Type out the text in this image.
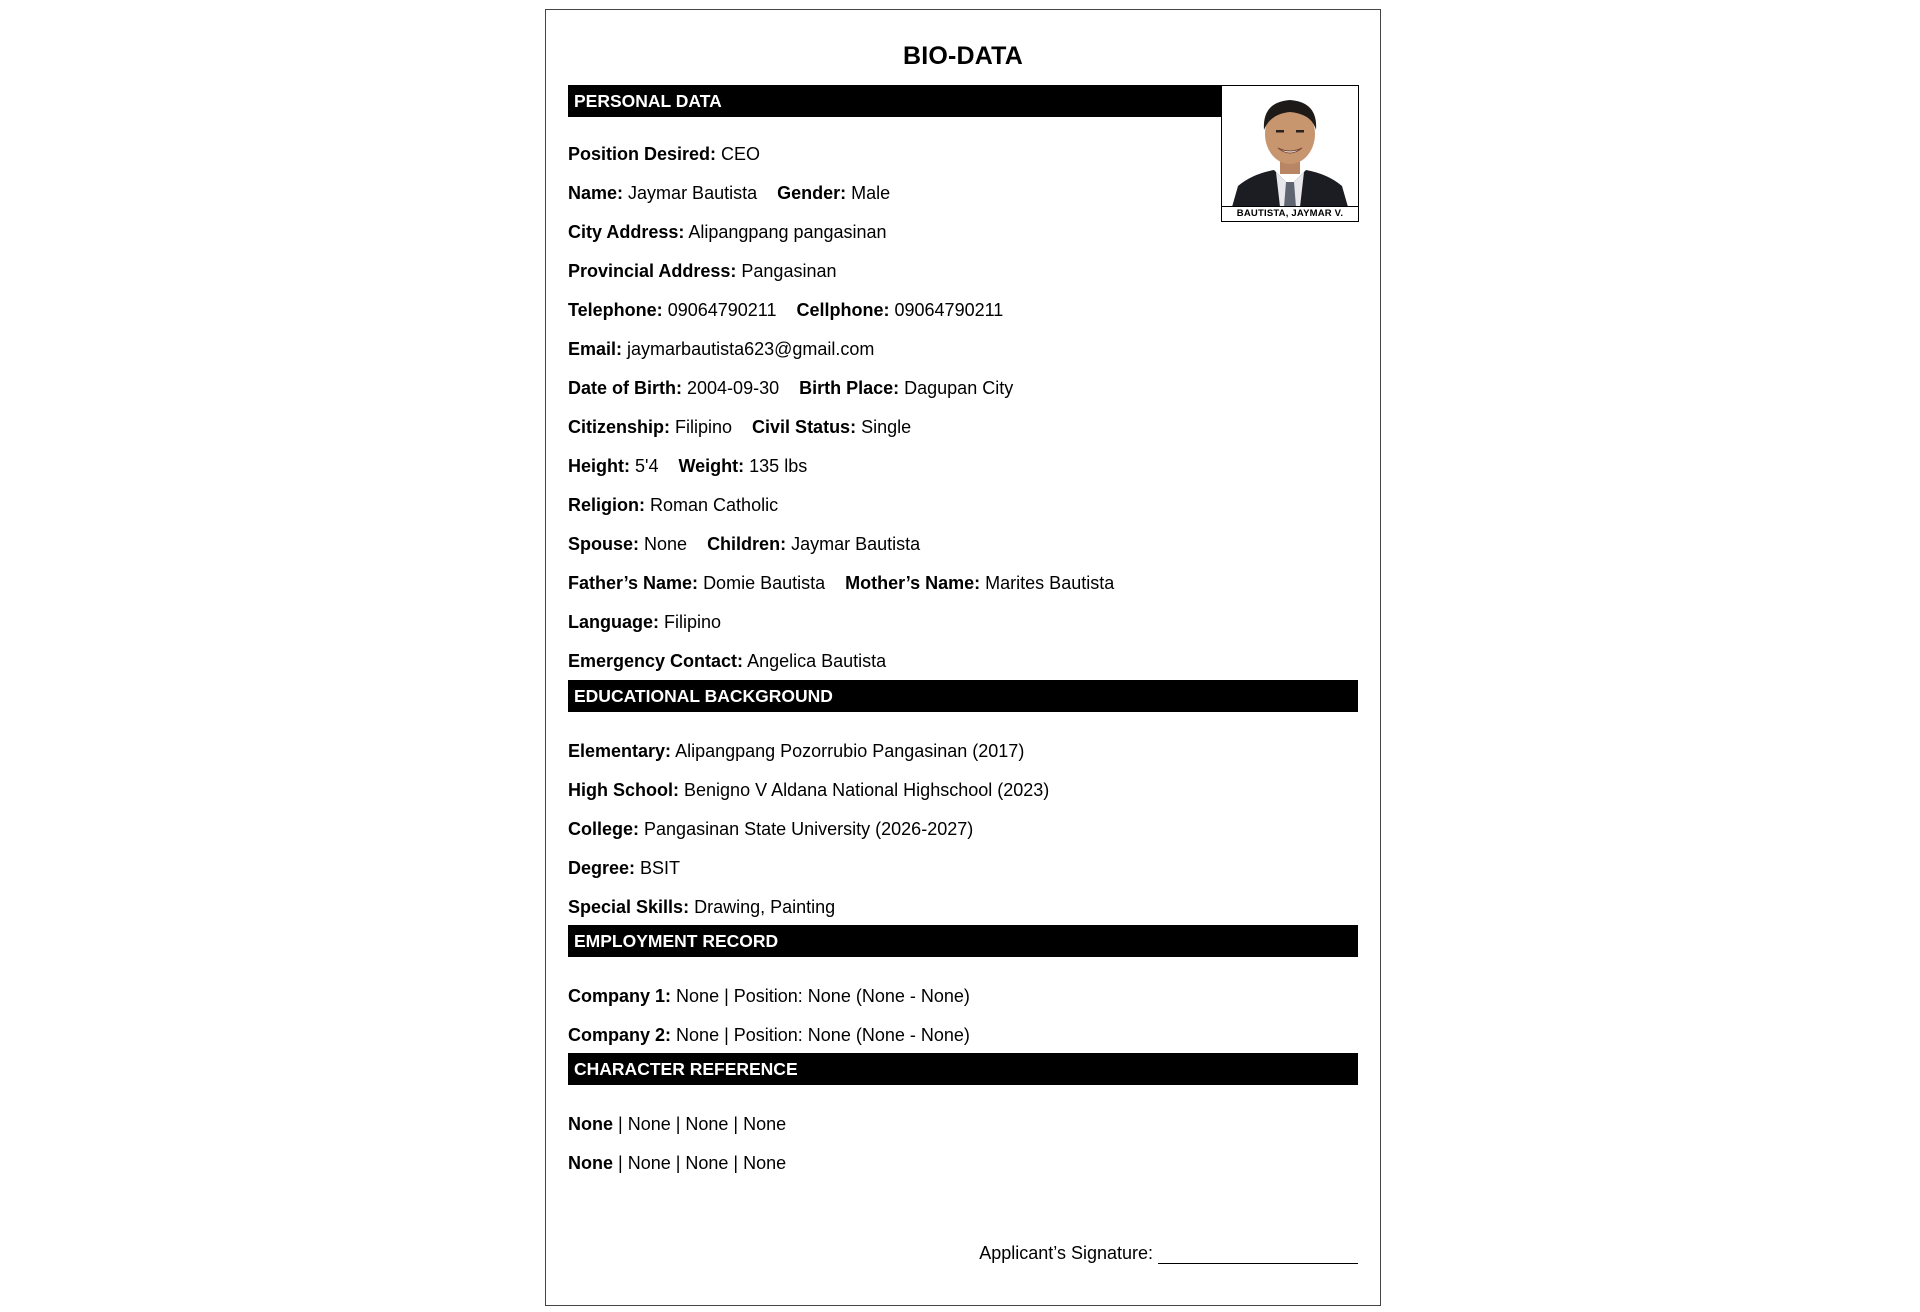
BIO-DATA
PERSONAL DATA
BAUTISTA, JAYMAR V.
Position Desired: CEO
Name: Jaymar Bautista Gender: Male
City Address: Alipangpang pangasinan
Provincial Address: Pangasinan
Telephone: 09064790211 Cellphone: 09064790211
Email: jaymarbautista623@gmail.com
Date of Birth: 2004-09-30 Birth Place: Dagupan City
Citizenship: Filipino Civil Status: Single
Height: 5'4 Weight: 135 lbs
Religion: Roman Catholic
Spouse: None Children: Jaymar Bautista
Father’s Name: Domie Bautista Mother’s Name: Marites Bautista
Language: Filipino
Emergency Contact: Angelica Bautista
EDUCATIONAL BACKGROUND
Elementary: Alipangpang Pozorrubio Pangasinan (2017)
High School: Benigno V Aldana National Highschool (2023)
College: Pangasinan State University (2026-2027)
Degree: BSIT
Special Skills: Drawing, Painting
EMPLOYMENT RECORD
Company 1: None | Position: None (None - None)
Company 2: None | Position: None (None - None)
CHARACTER REFERENCE
None | None | None | None
None | None | None | None
Applicant’s Signature:
